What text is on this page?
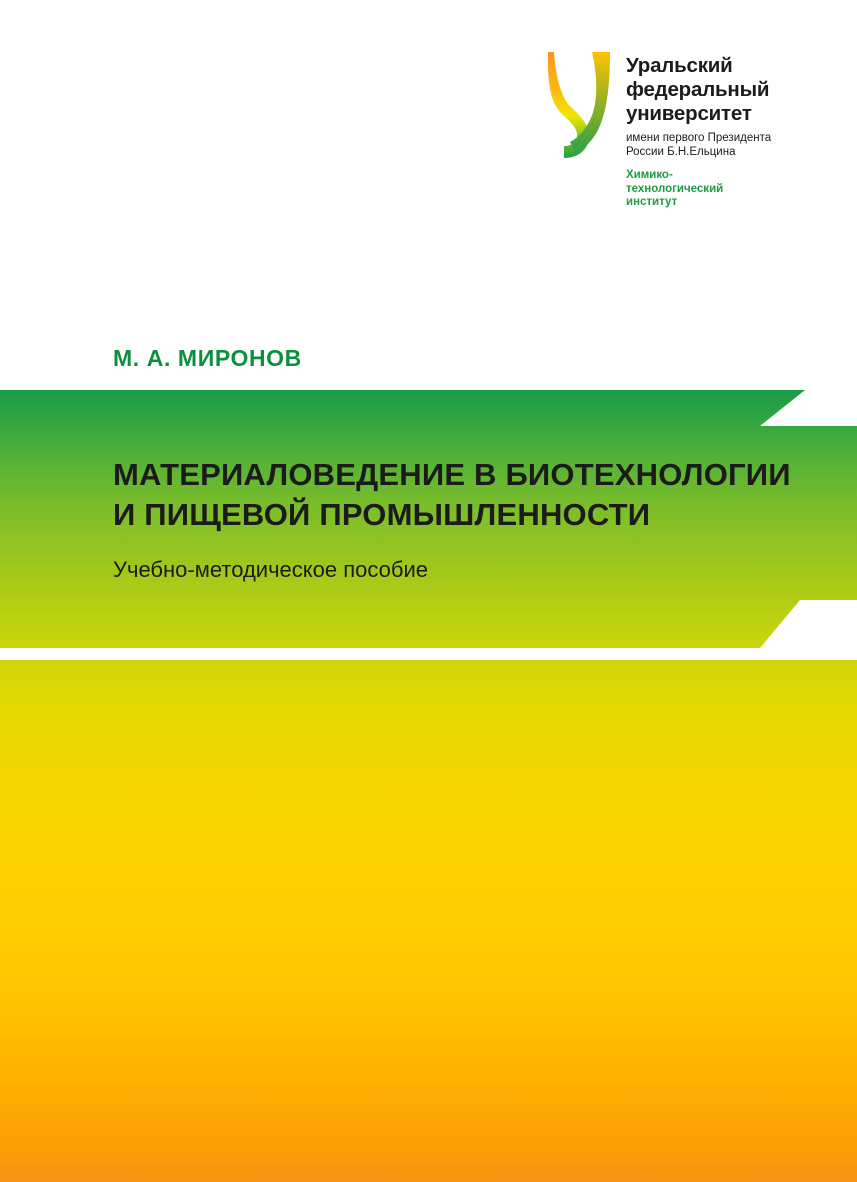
Уральский
федеральный
университет
имени первого Президента России Б.Н.Ельцина
Химико-
технологический
институт
М. А. МИРОНОВ
МАТЕРИАЛОВЕДЕНИЕ В БИОТЕХНОЛОГИИ
И ПИЩЕВОЙ ПРОМЫШЛЕННОСТИ
Учебно-методическое пособие
